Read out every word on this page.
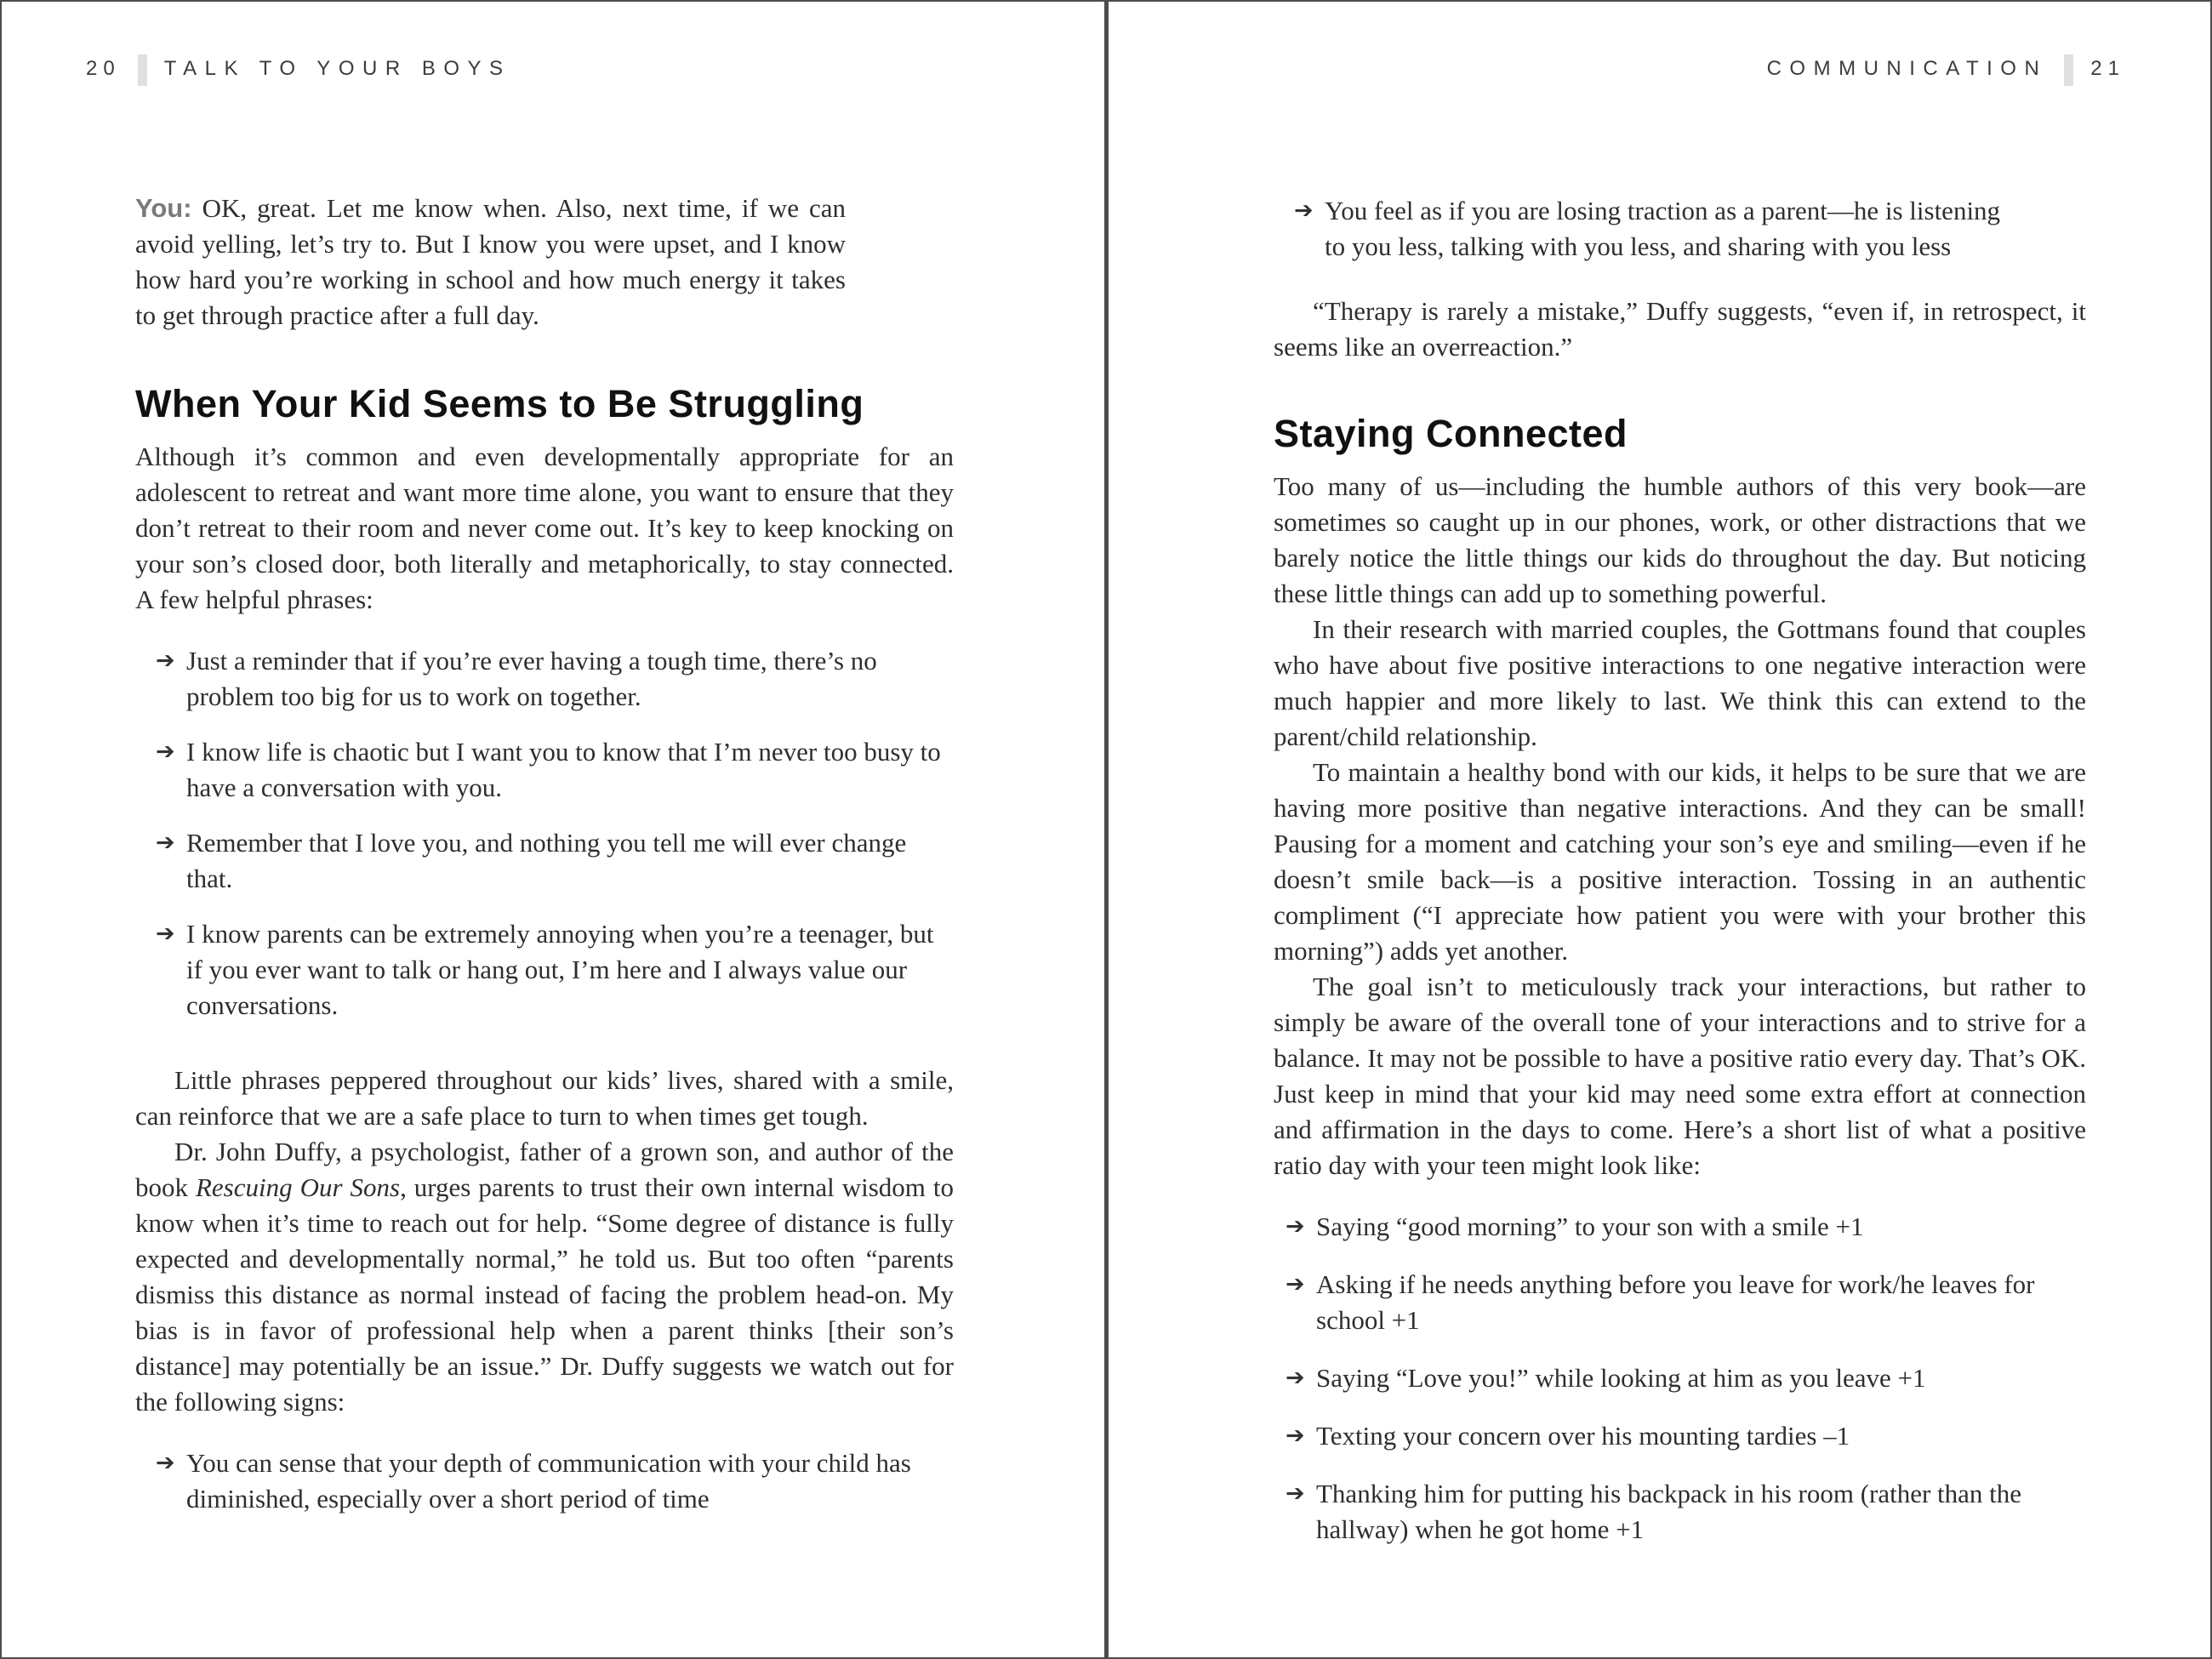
20 TALK TO YOUR BOYS

You: OK, great. Let me know when. Also, next time, if we can avoid yelling, let’s try to. But I know you were upset, and I know how hard you’re working in school and how much energy it takes to get through practice after a full day.

When Your Kid Seems to Be Struggling

Although it’s common and even developmentally appropriate for an adolescent to retreat and want more time alone, you want to ensure that they don’t retreat to their room and never come out. It’s key to keep knocking on your son’s closed door, both literally and metaphorically, to stay connected. A few helpful phrases:

➔ Just a reminder that if you’re ever having a tough time, there’s no problem too big for us to work on together.
➔ I know life is chaotic but I want you to know that I’m never too busy to have a conversation with you.
➔ Remember that I love you, and nothing you tell me will ever change that.
➔ I know parents can be extremely annoying when you’re a teenager, but if you ever want to talk or hang out, I’m here and I always value our conversations.

Little phrases peppered throughout our kids’ lives, shared with a smile, can reinforce that we are a safe place to turn to when times get tough.

Dr. John Duffy, a psychologist, father of a grown son, and author of the book Rescuing Our Sons, urges parents to trust their own internal wisdom to know when it’s time to reach out for help. “Some degree of distance is fully expected and developmentally normal,” he told us. But too often “parents dismiss this distance as normal instead of facing the problem head-on. My bias is in favor of professional help when a parent thinks [their son’s distance] may potentially be an issue.” Dr. Duffy suggests we watch out for the following signs:

➔ You can sense that your depth of communication with your child has diminished, especially over a short period of time
COMMUNICATION 21
➔ You feel as if you are losing traction as a parent—he is listening to you less, talking with you less, and sharing with you less

“Therapy is rarely a mistake,” Duffy suggests, “even if, in retrospect, it seems like an overreaction.”

Staying Connected

Too many of us—including the humble authors of this very book—are sometimes so caught up in our phones, work, or other distractions that we barely notice the little things our kids do throughout the day. But noticing these little things can add up to something powerful.

In their research with married couples, the Gottmans found that couples who have about five positive interactions to one negative interaction were much happier and more likely to last. We think this can extend to the parent/child relationship.

To maintain a healthy bond with our kids, it helps to be sure that we are having more positive than negative interactions. And they can be small! Pausing for a moment and catching your son’s eye and smiling—even if he doesn’t smile back—is a positive interaction. Tossing in an authentic compliment (“I appreciate how patient you were with your brother this morning”) adds yet another.

The goal isn’t to meticulously track your interactions, but rather to simply be aware of the overall tone of your interactions and to strive for a balance. It may not be possible to have a positive ratio every day. That’s OK. Just keep in mind that your kid may need some extra effort at connection and affirmation in the days to come. Here’s a short list of what a positive ratio day with your teen might look like:

➔ Saying “good morning” to your son with a smile +1
➔ Asking if he needs anything before you leave for work/he leaves for school +1
➔ Saying “Love you!” while looking at him as you leave +1
➔ Texting your concern over his mounting tardies –1
➔ Thanking him for putting his backpack in his room (rather than the hallway) when he got home +1
